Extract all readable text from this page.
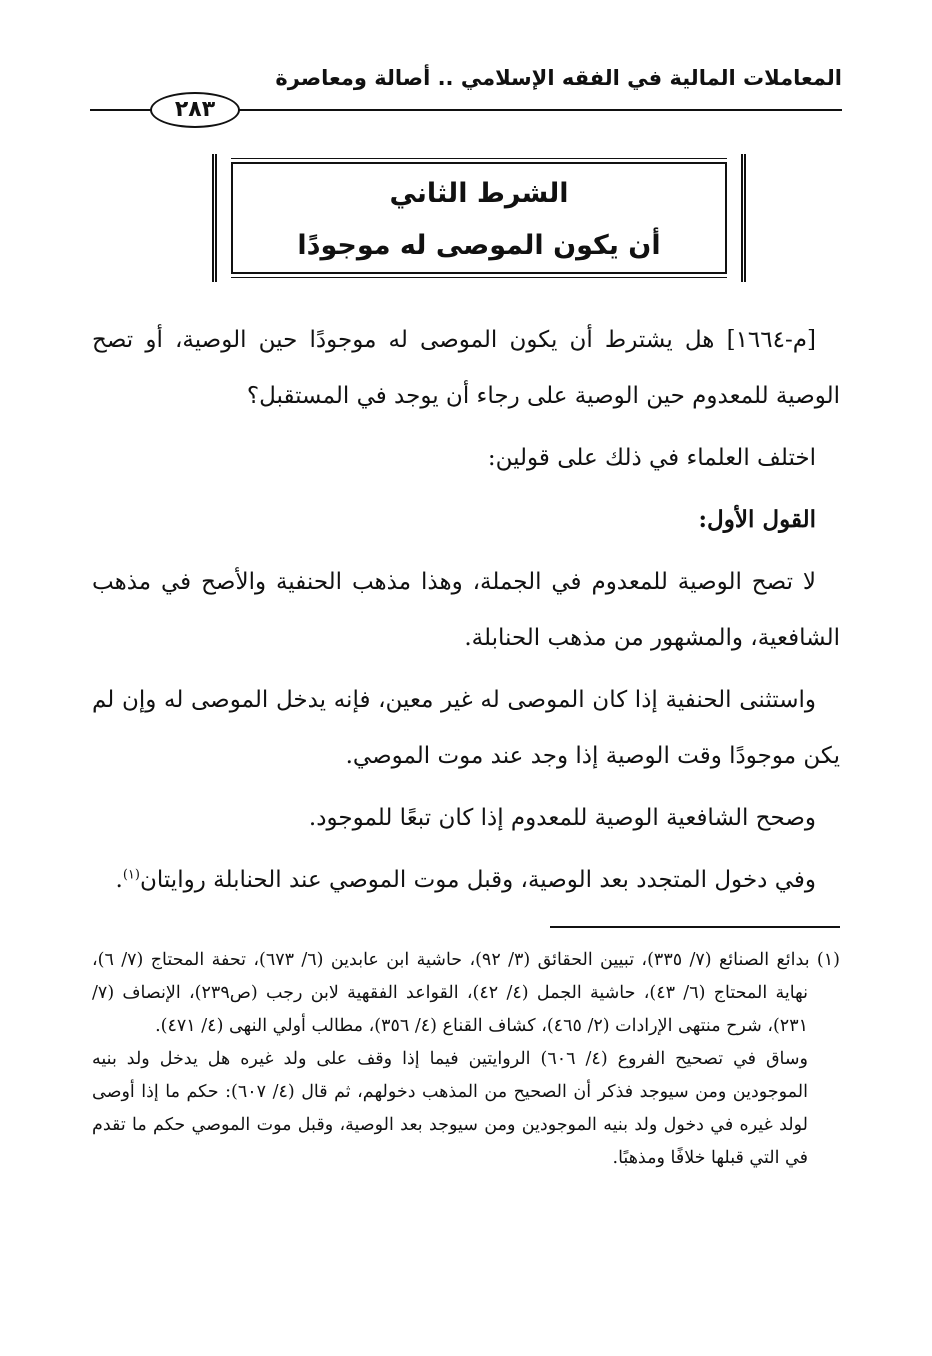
المعاملات المالية في الفقه الإسلامي .. أصالة ومعاصرة
٢٨٣
الشرط الثاني
أن يكون الموصى له موجودًا

[م-١٦٦٤] هل يشترط أن يكون الموصى له موجودًا حين الوصية، أو تصح الوصية للمعدوم حين الوصية على رجاء أن يوجد في المستقبل؟

اختلف العلماء في ذلك على قولين:

القول الأول:

لا تصح الوصية للمعدوم في الجملة، وهذا مذهب الحنفية والأصح في مذهب الشافعية، والمشهور من مذهب الحنابلة.

واستثنى الحنفية إذا كان الموصى له غير معين، فإنه يدخل الموصى له وإن لم يكن موجودًا وقت الوصية إذا وجد عند موت الموصي.

وصحح الشافعية الوصية للمعدوم إذا كان تبعًا للموجود.

وفي دخول المتجدد بعد الوصية، وقبل موت الموصي عند الحنابلة روايتان$^{(١)}$.

(١) بدائع الصنائع (٧/ ٣٣٥)، تبيين الحقائق (٣/ ٩٢)، حاشية ابن عابدين (٦/ ٦٧٣)، تحفة المحتاج (٧/ ٦)، نهاية المحتاج (٦/ ٤٣)، حاشية الجمل (٤/ ٤٢)، القواعد الفقهية لابن رجب (ص٢٣٩)، الإنصاف (٧/ ٢٣١)، شرح منتهى الإرادات (٢/ ٤٦٥)، كشاف القناع (٤/ ٣٥٦)، مطالب أولي النهى (٤/ ٤٧١).

وساق في تصحيح الفروع (٤/ ٦٠٦) الروايتين فيما إذا وقف على ولد غيره هل يدخل ولد بنيه الموجودين ومن سيوجد فذكر أن الصحيح من المذهب دخولهم، ثم قال (٤/ ٦٠٧): حكم ما إذا أوصى لولد غيره في دخول ولد بنيه الموجودين ومن سيوجد بعد الوصية، وقبل موت الموصي حكم ما تقدم في التي قبلها خلافًا ومذهبًا.
